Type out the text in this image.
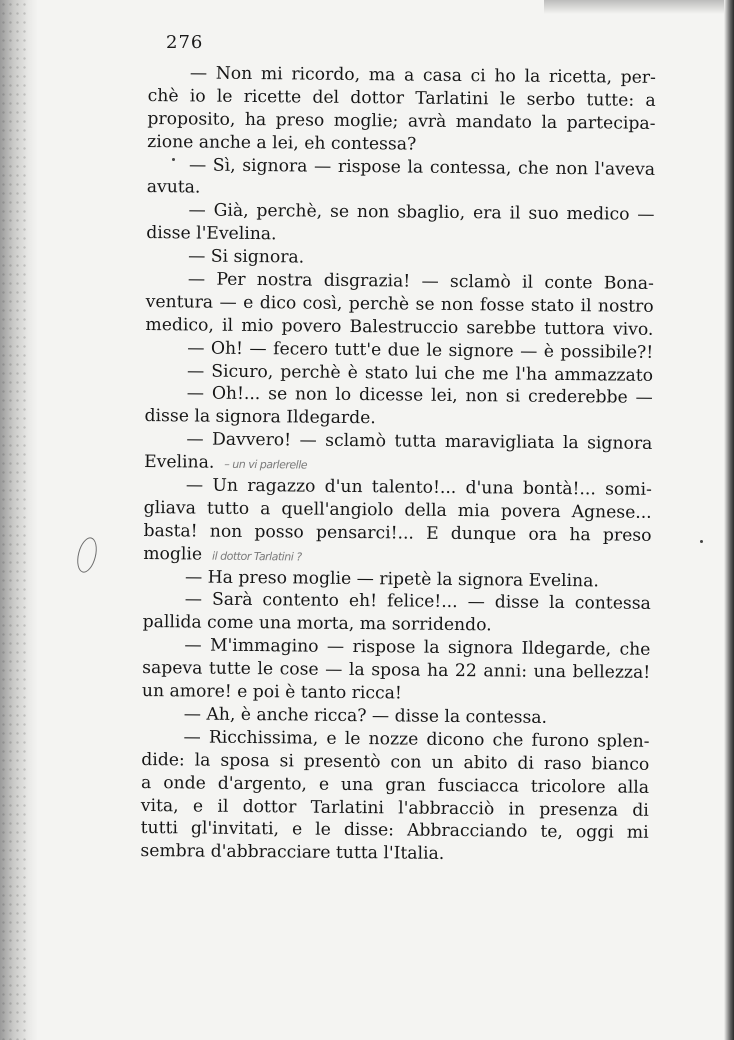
276
— Non mi ricordo, ma a casa ci ho la ricetta, per-
chè io le ricette del dottor Tarlatini le serbo tutte: a
proposito, ha preso moglie; avrà mandato la partecipa-
zione anche a lei, eh contessa?
— Sì, signora — rispose la contessa, che non l'aveva
avuta.
— Già, perchè, se non sbaglio, era il suo medico —
disse l'Evelina.
— Si signora.
— Per nostra disgrazia! — sclamò il conte Bona-
ventura — e dico così, perchè se non fosse stato il nostro
medico, il mio povero Balestruccio sarebbe tuttora vivo.
— Oh! — fecero tutt'e due le signore — è possibile?!
— Sicuro, perchè è stato lui che me l'ha ammazzato
— Oh!... se non lo dicesse lei, non si crederebbe —
disse la signora Ildegarde.
— Davvero! — sclamò tutta maravigliata la signora
Evelina. – un vi parlerelle
— Un ragazzo d'un talento!... d'una bontà!... somi-
gliava tutto a quell'angiolo della mia povera Agnese...
basta! non posso pensarci!... E dunque ora ha preso
moglie il dottor Tarlatini ?
— Ha preso moglie — ripetè la signora Evelina.
— Sarà contento eh! felice!... — disse la contessa
pallida come una morta, ma sorridendo.
— M'immagino — rispose la signora Ildegarde, che
sapeva tutte le cose — la sposa ha 22 anni: una bellezza!
un amore! e poi è tanto ricca!
— Ah, è anche ricca? — disse la contessa.
— Ricchissima, e le nozze dicono che furono splen-
dide: la sposa si presentò con un abito di raso bianco
a onde d'argento, e una gran fusciacca tricolore alla
vita, e il dottor Tarlatini l'abbracciò in presenza di
tutti gl'invitati, e le disse: Abbracciando te, oggi mi
sembra d'abbracciare tutta l'Italia.
